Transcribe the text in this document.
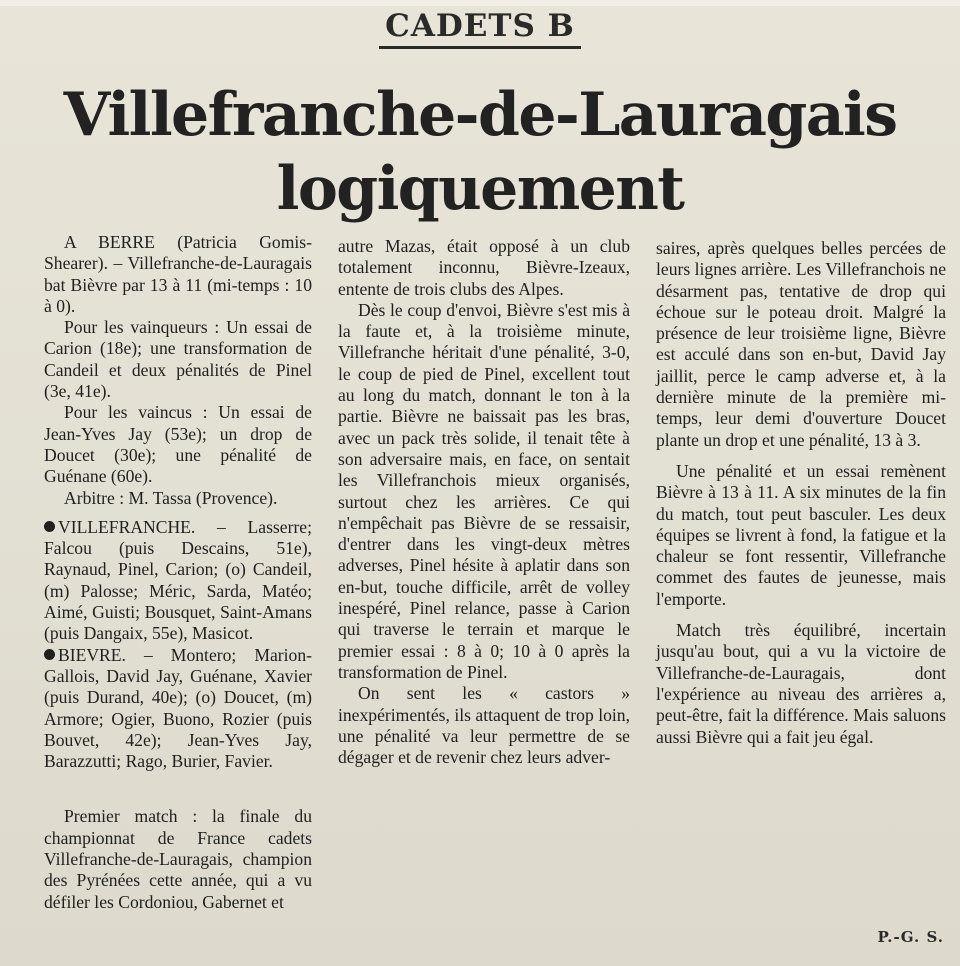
CADETS B
Villefranche-de-Lauragais logiquement

A BERRE (Patricia Gomis-Shearer). – Villefranche-de-Lauragais bat Bièvre par 13 à 11 (mi-temps : 10 à 0).

Pour les vainqueurs : Un essai de Carion (18e); une transformation de Candeil et deux pénalités de Pinel (3e, 41e).

Pour les vaincus : Un essai de Jean-Yves Jay (53e); un drop de Doucet (30e); une pénalité de Guénane (60e).

Arbitre : M. Tassa (Provence).

VILLEFRANCHE. – Lasserre; Falcou (puis Descains, 51e), Raynaud, Pinel, Carion; (o) Candeil, (m) Palosse; Méric, Sarda, Matéo; Aimé, Guisti; Bousquet, Saint-Amans (puis Dangaix, 55e), Masicot.

BIEVRE. – Montero; Marion-Gallois, David Jay, Guénane, Xavier (puis Durand, 40e); (o) Doucet, (m) Armore; Ogier, Buono, Rozier (puis Bouvet, 42e); Jean-Yves Jay, Barazzutti; Rago, Burier, Favier.

Premier match : la finale du championnat de France cadets Villefranche-de-Lauragais, champion des Pyrénées cette année, qui a vu défiler les Cordoniou, Gabernet et

autre Mazas, était opposé à un club totalement inconnu, Bièvre-Izeaux, entente de trois clubs des Alpes.

Dès le coup d'envoi, Bièvre s'est mis à la faute et, à la troisième minute, Villefranche héritait d'une pénalité, 3-0, le coup de pied de Pinel, excellent tout au long du match, donnant le ton à la partie. Bièvre ne baissait pas les bras, avec un pack très solide, il tenait tête à son adversaire mais, en face, on sentait les Villefranchois mieux organisés, surtout chez les arrières. Ce qui n'empêchait pas Bièvre de se ressaisir, d'entrer dans les vingt-deux mètres adverses, Pinel hésite à aplatir dans son en-but, touche difficile, arrêt de volley inespéré, Pinel relance, passe à Carion qui traverse le terrain et marque le premier essai : 8 à 0; 10 à 0 après la transformation de Pinel.

On sent les « castors » inexpérimentés, ils attaquent de trop loin, une pénalité va leur permettre de se dégager et de revenir chez leurs adver-

saires, après quelques belles percées de leurs lignes arrière. Les Villefranchois ne désarment pas, tentative de drop qui échoue sur le poteau droit. Malgré la présence de leur troisième ligne, Bièvre est acculé dans son en-but, David Jay jaillit, perce le camp adverse et, à la dernière minute de la première mi-temps, leur demi d'ouverture Doucet plante un drop et une pénalité, 13 à 3.

Une pénalité et un essai remènent Bièvre à 13 à 11. A six minutes de la fin du match, tout peut basculer. Les deux équipes se livrent à fond, la fatigue et la chaleur se font ressentir, Villefranche commet des fautes de jeunesse, mais l'emporte.

Match très équilibré, incertain jusqu'au bout, qui a vu la victoire de Villefranche-de-Lauragais, dont l'expérience au niveau des arrières a, peut-être, fait la différence. Mais saluons aussi Bièvre qui a fait jeu égal.

P.-G. S.
